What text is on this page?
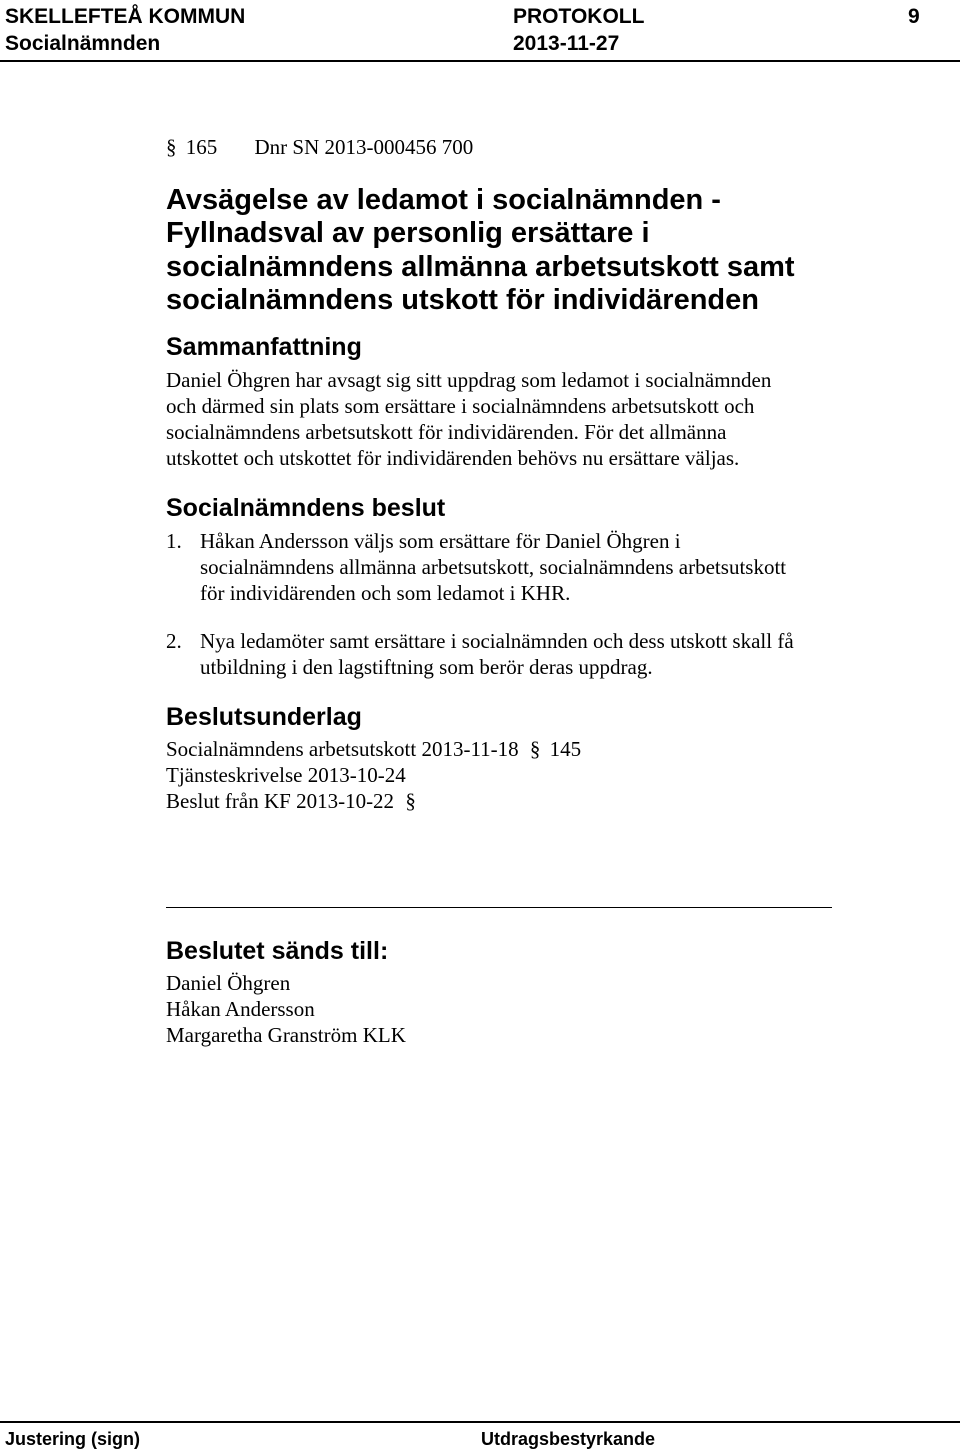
SKELLEFTEÅ KOMMUN	PROTOKOLL	9
Socialnämnden	2013-11-27
§ 165 Dnr SN 2013-000456 700
Avsägelse av ledamot i socialnämnden -
Fyllnadsval av personlig ersättare i
socialnämndens allmänna arbetsutskott samt
socialnämndens utskott för individärenden
Sammanfattning
Daniel Öhgren har avsagt sig sitt uppdrag som ledamot i socialnämnden
och därmed sin plats som ersättare i socialnämndens arbetsutskott och
socialnämndens arbetsutskott för individärenden. För det allmänna
utskottet och utskottet för individärenden behövs nu ersättare väljas.
Socialnämndens beslut
1. Håkan Andersson väljs som ersättare för Daniel Öhgren i
socialnämndens allmänna arbetsutskott, socialnämndens arbetsutskott
för individärenden och som ledamot i KHR.
2. Nya ledamöter samt ersättare i socialnämnden och dess utskott skall få
utbildning i den lagstiftning som berör deras uppdrag.
Beslutsunderlag
Socialnämndens arbetsutskott 2013-11-18 § 145
Tjänsteskrivelse 2013-10-24
Beslut från KF 2013-10-22 §
Beslutet sänds till:
Daniel Öhgren
Håkan Andersson
Margaretha Granström KLK
Justering (sign)	Utdragsbestyrkande
